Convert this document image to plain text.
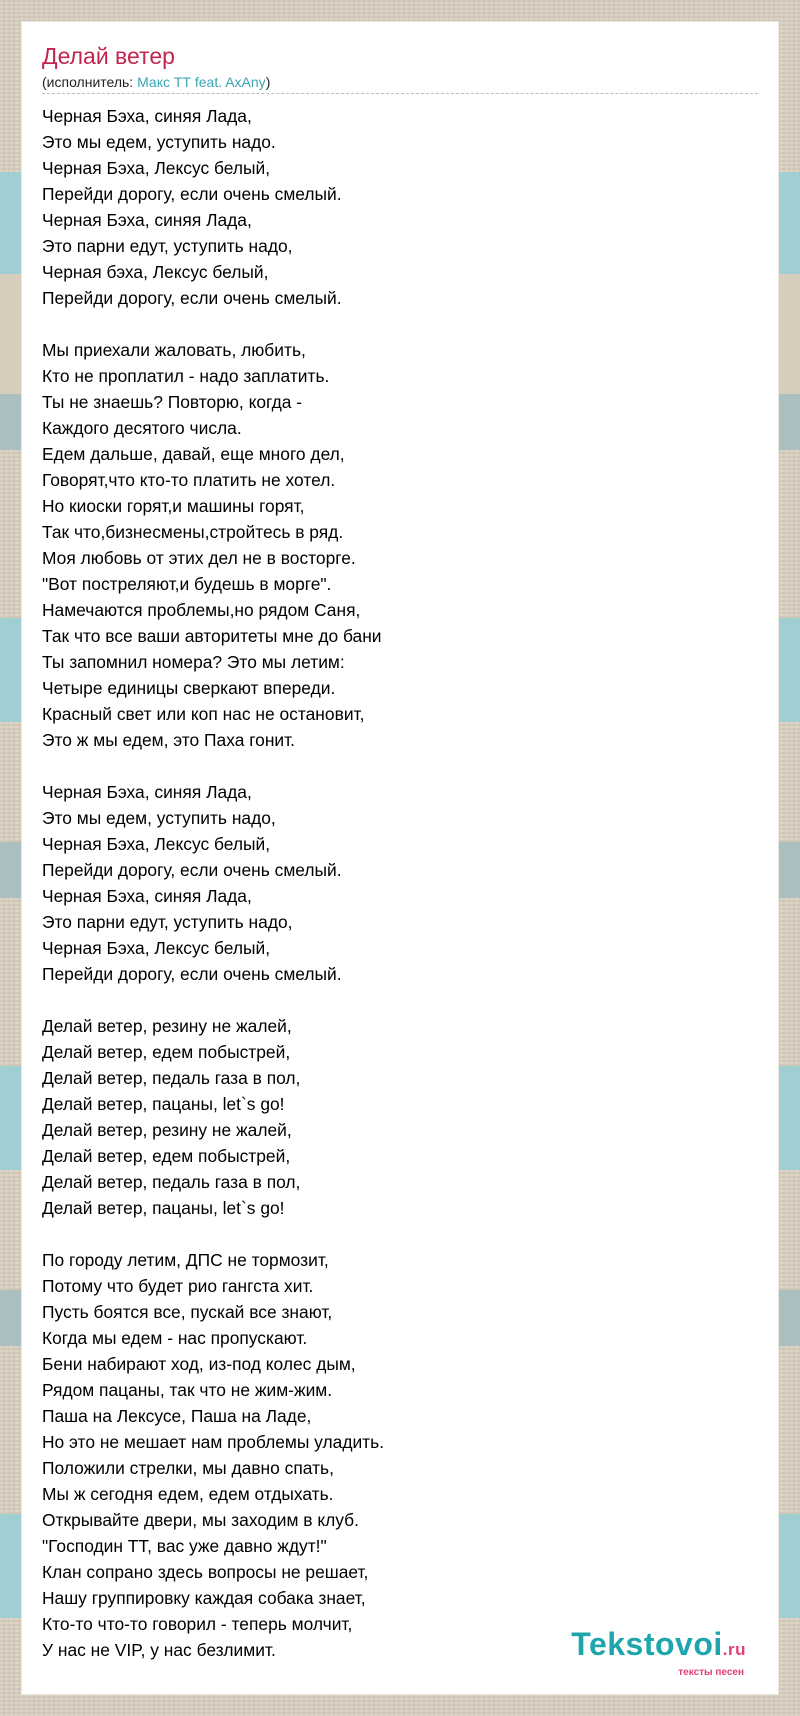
Делай ветер
(исполнитель: Макс ТТ feat. AxAny)
Черная Бэха, синяя Лада,
Это мы едем, уступить надо.
Черная Бэха, Лексус белый,
Перейди дорогу, если очень смелый.
Черная Бэха, синяя Лада,
Это парни едут, уступить надо,
Черная бэха, Лексус белый,
Перейди дорогу, если очень смелый.
Мы приехали жаловать, любить,
Кто не проплатил - надо заплатить.
Ты не знаешь? Повторю, когда -
Каждого десятого числа.
Едем дальше, давай, еще много дел,
Говорят,что кто-то платить не хотел.
Но киоски горят,и машины горят,
Так что,бизнесмены,стройтесь в ряд.
Моя любовь от этих дел не в восторге.
"Вот постреляют,и будешь в морге".
Намечаются проблемы,но рядом Саня,
Так что все ваши авторитеты мне до бани
Ты запомнил номера? Это мы летим:
Четыре единицы сверкают впереди.
Красный свет или коп нас не остановит,
Это ж мы едем, это Паха гонит.
Черная Бэха, синяя Лада,
Это мы едем, уступить надо,
Черная Бэха, Лексус белый,
Перейди дорогу, если очень смелый.
Черная Бэха, синяя Лада,
Это парни едут, уступить надо,
Черная Бэха, Лексус белый,
Перейди дорогу, если очень смелый.
Делай ветер, резину не жалей,
Делай ветер, едем побыстрей,
Делай ветер, педаль газа в пол,
Делай ветер, пацаны, let`s go!
Делай ветер, резину не жалей,
Делай ветер, едем побыстрей,
Делай ветер, педаль газа в пол,
Делай ветер, пацаны, let`s go!
По городу летим, ДПС не тормозит,
Потому что будет рио гангста хит.
Пусть боятся все, пускай все знают,
Когда мы едем - нас пропускают.
Бени набирают ход, из-под колес дым,
Рядом пацаны, так что не жим-жим.
Паша на Лексусе, Паша на Ладе,
Но это не мешает нам проблемы уладить.
Положили стрелки, мы давно спать,
Мы ж сегодня едем, едем отдыхать.
Открывайте двери, мы заходим в клуб.
"Господин ТТ, вас уже давно ждут!"
Клан сопрано здесь вопросы не решает,
Нашу группировку каждая собака знает,
Кто-то что-то говорил - теперь молчит,
У нас не VIP, у нас безлимит.	Tekstovoi.ru
тексты песен
